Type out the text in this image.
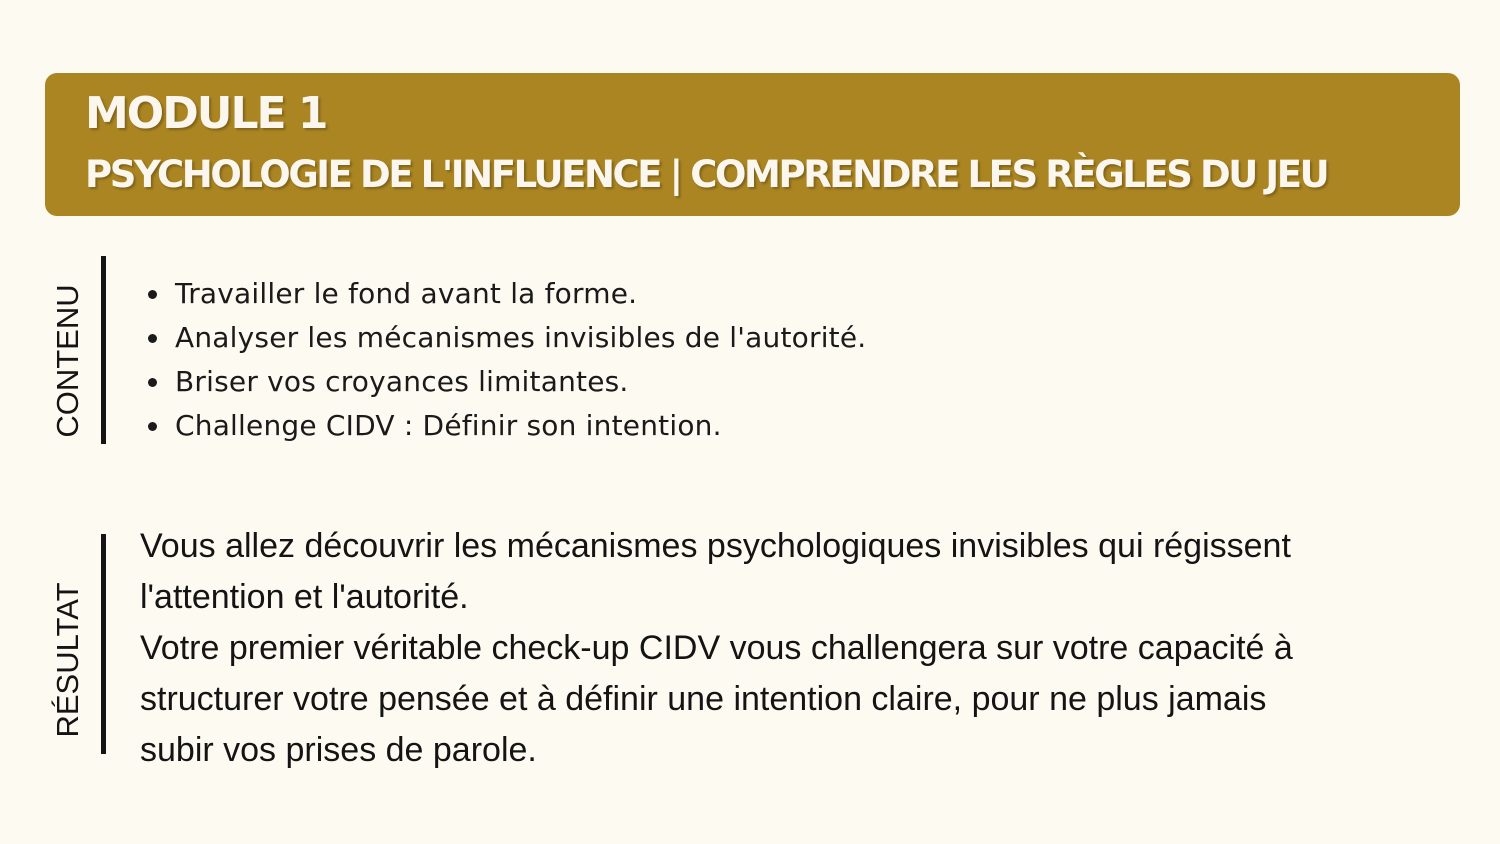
MODULE 1
PSYCHOLOGIE DE L'INFLUENCE | COMPRENDRE LES RÈGLES DU JEU
CONTENU	Travailler le fond avant la forme.
Analyser les mécanismes invisibles de l'autorité.
Briser vos croyances limitantes.
Challenge CIDV : Définir son intention.
RÉSULTAT

Vous allez découvrir les mécanismes psychologiques invisibles qui régissent l'attention et l'autorité.

Votre premier véritable check-up CIDV vous challengera sur votre capacité à structurer votre pensée et à définir une intention claire, pour ne plus jamais subir vos prises de parole.
